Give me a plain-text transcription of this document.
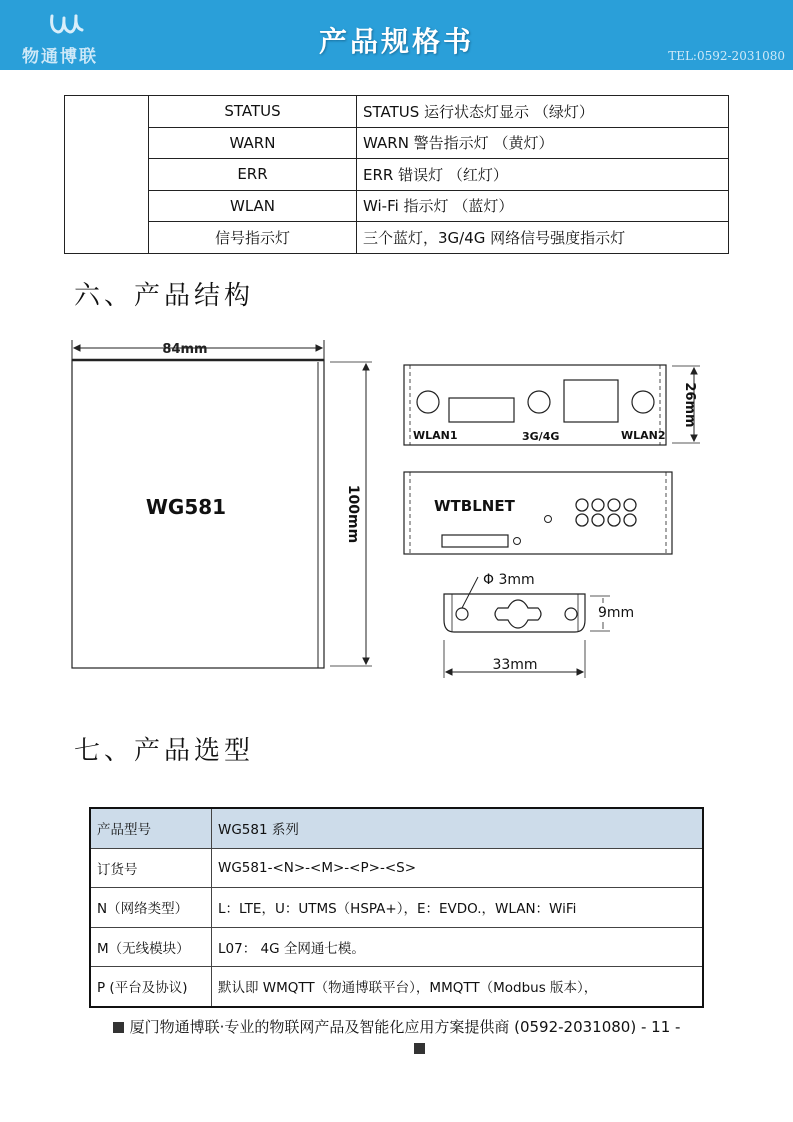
物通博联	产品规格书	TEL:0592-2031080
	STATUS	STATUS 运行状态灯显示 （绿灯）
	WARN	WARN 警告指示灯 （黄灯）
	ERR	ERR 错误灯 （红灯）
	WLAN	Wi-Fi 指示灯 （蓝灯）
	信号指示灯	三个蓝灯，3G/4G 网络信号强度指示灯
六、产品结构
84mm
WG581	100mm
WLAN1	3G/4G	WLAN2
26mm
WTBLNET
Φ 3mm
9mm
33mm
七、产品选型
产品型号	WG581 系列
订货号	WG581-<N>-<M>-<P>-<S>
N（网络类型）	L：LTE，U：UTMS（HSPA+），E：EVDO.，WLAN：WiFi
M（无线模块）	L07： 4G 全网通七模。
P (平台及协议)	默认即 WMQTT（物通博联平台），MMQTT（Modbus 版本），
厦门物通博联·专业的物联网产品及智能化应用方案提供商 (0592-2031080) - 11 -
